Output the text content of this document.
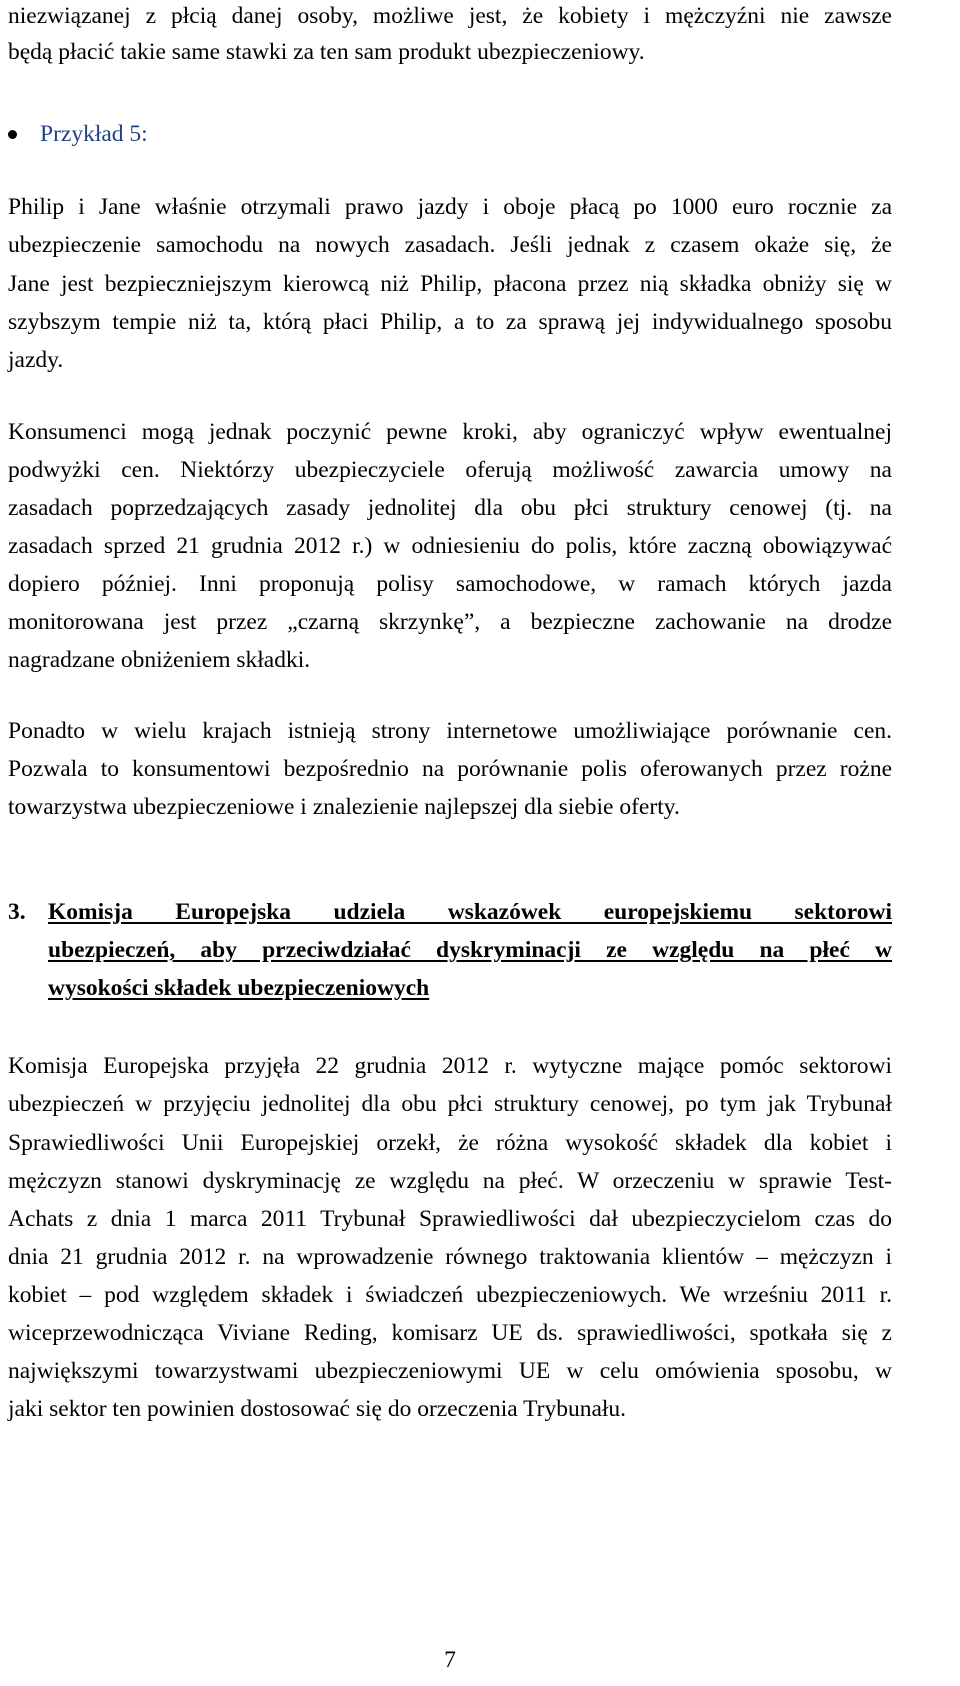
niezwiązanej z płcią danej osoby, możliwe jest, że kobiety i mężczyźni nie zawsze

będą płacić takie same stawki za ten sam produkt ubezpieczeniowy.

Przykład 5:

Philip i Jane właśnie otrzymali prawo jazdy i oboje płacą po 1000 euro rocznie za

ubezpieczenie samochodu na nowych zasadach. Jeśli jednak z czasem okaże się, że

Jane jest bezpieczniejszym kierowcą niż Philip, płacona przez nią składka obniży się w

szybszym tempie niż ta, którą płaci Philip, a to za sprawą jej indywidualnego sposobu

jazdy.

Konsumenci mogą jednak poczynić pewne kroki, aby ograniczyć wpływ ewentualnej

podwyżki cen. Niektórzy ubezpieczyciele oferują możliwość zawarcia umowy na

zasadach poprzedzających zasady jednolitej dla obu płci struktury cenowej (tj. na

zasadach sprzed 21 grudnia 2012 r.) w odniesieniu do polis, które zaczną obowiązywać

dopiero później. Inni proponują polisy samochodowe, w ramach których jazda

monitorowana jest przez „czarną skrzynkę”, a bezpieczne zachowanie na drodze

nagradzane obniżeniem składki.

Ponadto w wielu krajach istnieją strony internetowe umożliwiające porównanie cen.

Pozwala to konsumentowi bezpośrednio na porównanie polis oferowanych przez rożne

towarzystwa ubezpieczeniowe i znalezienie najlepszej dla siebie oferty.

3. Komisja Europejska udziela wskazówek europejskiemu sektorowi

ubezpieczeń, aby przeciwdziałać dyskryminacji ze względu na płeć w

wysokości składek ubezpieczeniowych

Komisja Europejska przyjęła 22 grudnia 2012 r. wytyczne mające pomóc sektorowi

ubezpieczeń w przyjęciu jednolitej dla obu płci struktury cenowej, po tym jak Trybunał

Sprawiedliwości Unii Europejskiej orzekł, że różna wysokość składek dla kobiet i

mężczyzn stanowi dyskryminację ze względu na płeć. W orzeczeniu w sprawie Test-

Achats z dnia 1 marca 2011 Trybunał Sprawiedliwości dał ubezpieczycielom czas do

dnia 21 grudnia 2012 r. na wprowadzenie równego traktowania klientów – mężczyzn i

kobiet – pod względem składek i świadczeń ubezpieczeniowych. We wrześniu 2011 r.

wiceprzewodnicząca Viviane Reding, komisarz UE ds. sprawiedliwości, spotkała się z

największymi towarzystwami ubezpieczeniowymi UE w celu omówienia sposobu, w

jaki sektor ten powinien dostosować się do orzeczenia Trybunału.

7
